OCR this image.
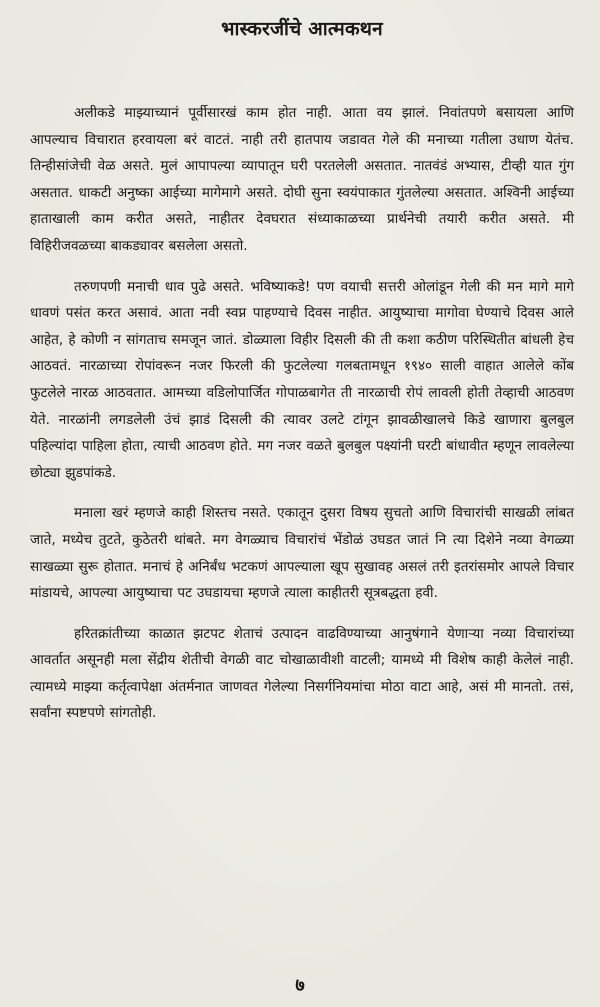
भास्करजींचे आत्मकथन

अलीकडे माझ्याच्यानं पूर्वीसारखं काम होत नाही. आता वय झालं. निवांतपणे बसायला आणि आपल्याच विचारात हरवायला बरं वाटतं. नाही तरी हातपाय जडावत गेले की मनाच्या गतीला उधाण येतंच. तिन्हीसांजेची वेळ असते. मुलं आपापल्या व्यापातून घरी परतलेली असतात. नातवंडं अभ्यास, टीव्ही यात गुंग असतात. धाकटी अनुष्का आईच्या मागेमागे असते. दोघी सुना स्वयंपाकात गुंतलेल्या असतात. अश्विनी आईच्या हाताखाली काम करीत असते, नाहीतर देवघरात संध्याकाळच्या प्रार्थनेची तयारी करीत असते. मी विहिरीजवळच्या बाकड्यावर बसलेला असतो.

तरुणपणी मनाची धाव पुढे असते. भविष्याकडे! पण वयाची सत्तरी ओलांडून गेली की मन मागे मागे धावणं पसंत करत असावं. आता नवी स्वप्न पाहण्याचे दिवस नाहीत. आयुष्याचा मागोवा घेण्याचे दिवस आले आहेत, हे कोणी न सांगताच समजून जातं. डोळ्याला विहीर दिसली की ती कशा कठीण परिस्थितीत बांधली हेच आठवतं. नारळाच्या रोपांवरून नजर फिरली की फुटलेल्या गलबतामधून १९४० साली वाहात आलेले कोंब फुटलेले नारळ आठवतात. आमच्या वडिलोपार्जित गोपाळबागेत ती नारळाची रोपं लावली होती तेव्हाची आठवण येते. नारळांनी लगडलेली उंचं झाडं दिसली की त्यावर उलटे टांगून झावळीखालचे किडे खाणारा बुलबुल पहिल्यांदा पाहिला होता, त्याची आठवण होते. मग नजर वळते बुलबुल पक्ष्यांनी घरटी बांधावीत म्हणून लावलेल्या छोट्या झुडपांकडे.

मनाला खरं म्हणजे काही शिस्तच नसते. एकातून दुसरा विषय सुचतो आणि विचारांची साखळी लांबत जाते, मध्येच तुटते, कुठेतरी थांबते. मग वेगळ्याच विचारांचं भेंडोळं उघडत जातं नि त्या दिशेने नव्या वेगळ्या साखळ्या सुरू होतात. मनाचं हे अनिर्बंध भटकणं आपल्याला खूप सुखावह असलं तरी इतरांसमोर आपले विचार मांडायचे, आपल्या आयुष्याचा पट उघडायचा म्हणजे त्याला काहीतरी सूत्रबद्धता हवी.

हरितक्रांतीच्या काळात झटपट शेताचं उत्पादन वाढविण्याच्या आनुषंगाने येणाऱ्या नव्या विचारांच्या आवर्तात असूनही मला सेंद्रीय शेतीची वेगळी वाट चोखाळावीशी वाटली; यामध्ये मी विशेष काही केलेलं नाही. त्यामध्ये माझ्या कर्तृत्वापेक्षा अंतर्मनात जाणवत गेलेल्या निसर्गनियमांचा मोठा वाटा आहे, असं मी मानतो. तसं, सर्वांना स्पष्टपणे सांगतोही.

७
